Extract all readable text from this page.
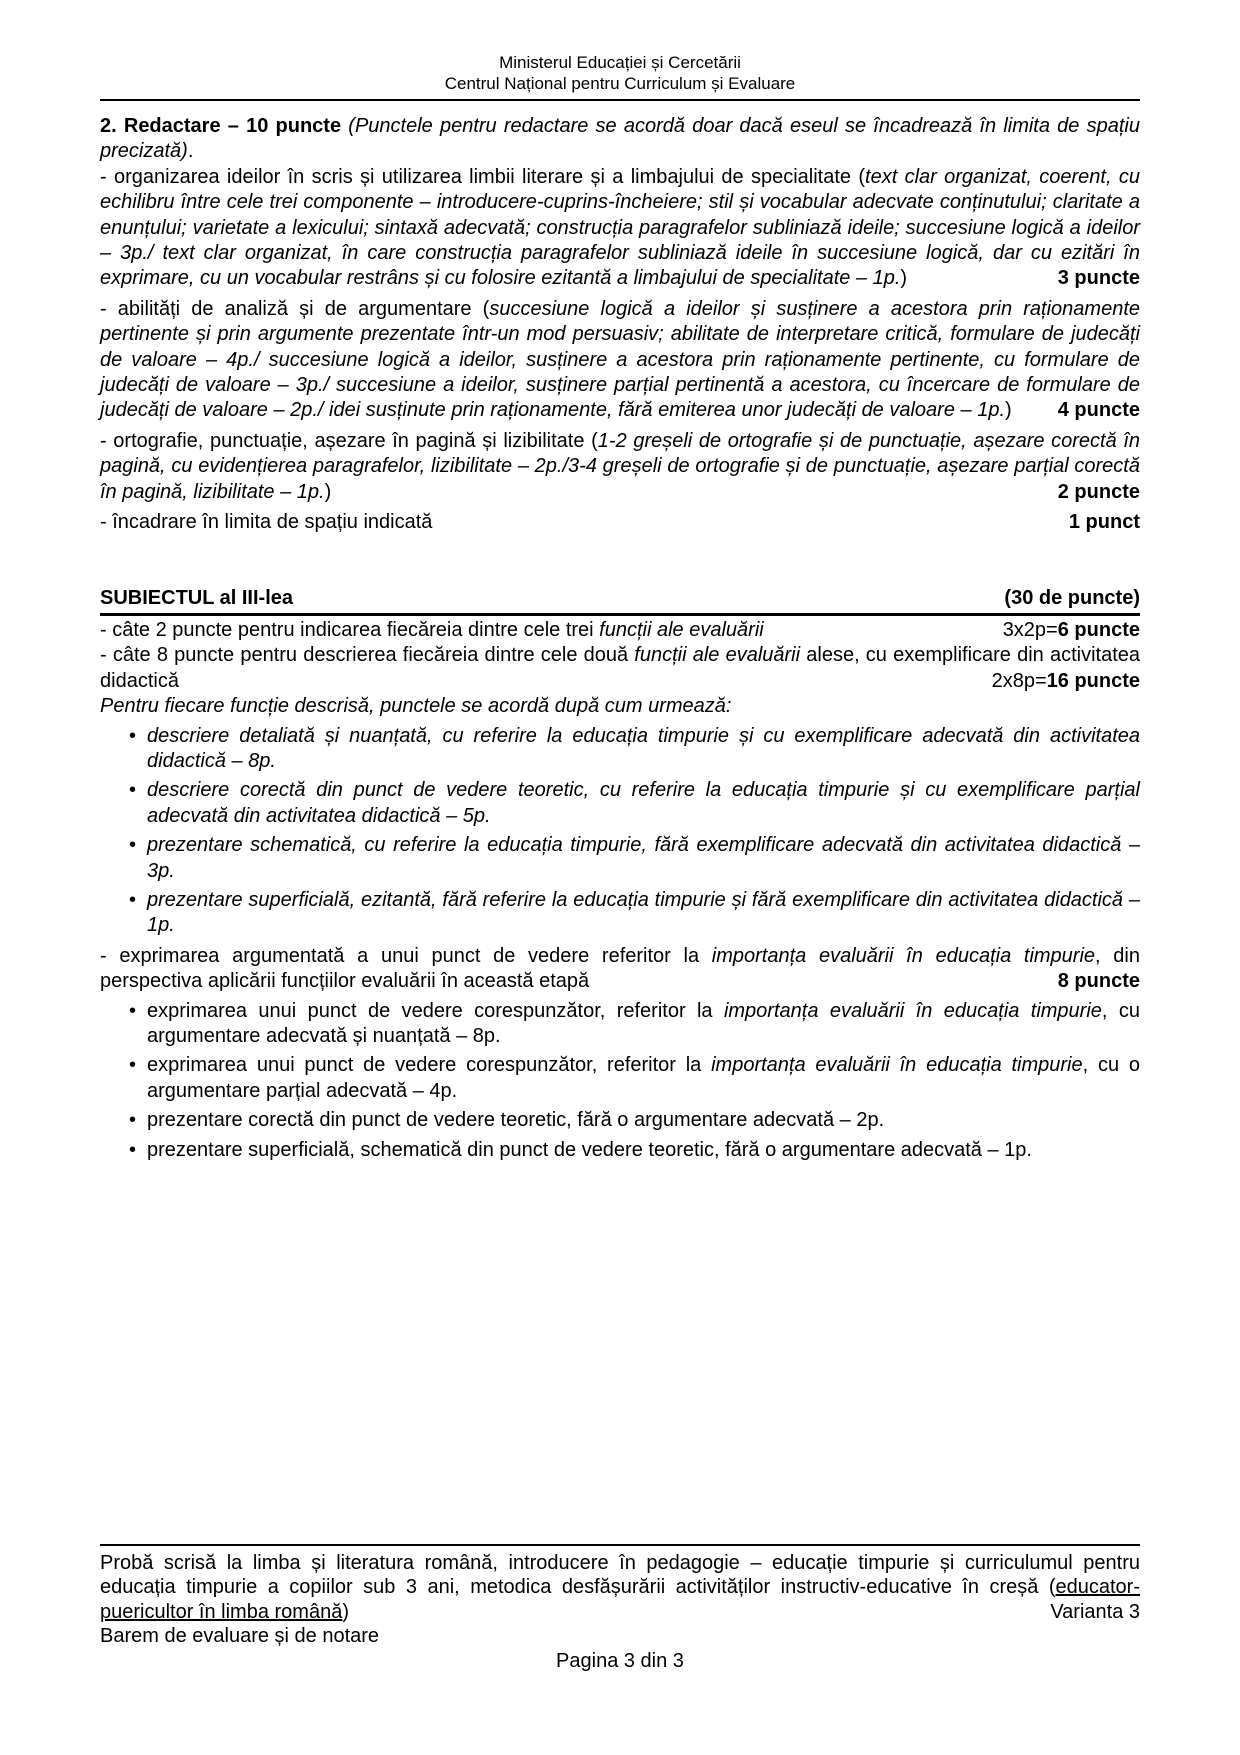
Ministerul Educației și Cercetării
Centrul Național pentru Curriculum și Evaluare

2. Redactare – 10 puncte (Punctele pentru redactare se acordă doar dacă eseul se încadrează în limita de spațiu precizată).

- organizarea ideilor în scris și utilizarea limbii literare și a limbajului de specialitate (text clar organizat, coerent, cu echilibru între cele trei componente – introducere-cuprins-încheiere; stil și vocabular adecvate conținutului; claritate a enunțului; varietate a lexicului; sintaxă adecvată; construcția paragrafelor subliniază ideile; succesiune logică a ideilor – 3p./ text clar organizat, în care construcția paragrafelor subliniază ideile în succesiune logică, dar cu ezitări în exprimare, cu un vocabular restrâns și cu folosire ezitantă a limbajului de specialitate – 1p.)	3 puncte
- abilități de analiză și de argumentare (succesiune logică a ideilor și susținere a acestora prin raționamente pertinente și prin argumente prezentate într-un mod persuasiv; abilitate de interpretare critică, formulare de judecăți de valoare – 4p./ succesiune logică a ideilor, susținere a acestora prin raționamente pertinente, cu formulare de judecăți de valoare – 3p./ succesiune a ideilor, susținere parțial pertinentă a acestora, cu încercare de formulare de judecăți de valoare – 2p./ idei susținute prin raționamente, fără emiterea unor judecăți de valoare – 1p.) 4 puncte
- ortografie, punctuație, așezare în pagină și lizibilitate (1-2 greșeli de ortografie și de punctuație, așezare corectă în pagină, cu evidențierea paragrafelor, lizibilitate – 2p./3-4 greșeli de ortografie și de punctuație, așezare parțial corectă în pagină, lizibilitate – 1p.)	2 puncte
- încadrare în limita de spațiu indicată	1 punct
SUBIECTUL al III-lea	(30 de puncte)
- câte 2 puncte pentru indicarea fiecăreia dintre cele trei funcții ale evaluării	3x2p=6 puncte
- câte 8 puncte pentru descrierea fiecăreia dintre cele două funcții ale evaluării alese, cu exemplificare din activitatea didactică	2x8p=16 puncte

Pentru fiecare funcție descrisă, punctele se acordă după cum urmează:

• descriere detaliată și nuanțată, cu referire la educația timpurie și cu exemplificare adecvată din activitatea didactică – 8p.
• descriere corectă din punct de vedere teoretic, cu referire la educația timpurie și cu exemplificare parțial adecvată din activitatea didactică – 5p.
• prezentare schematică, cu referire la educația timpurie, fără exemplificare adecvată din activitatea didactică – 3p.
• prezentare superficială, ezitantă, fără referire la educația timpurie și fără exemplificare din activitatea didactică – 1p.
- exprimarea argumentată a unui punct de vedere referitor la importanța evaluării în educația timpurie, din perspectiva aplicării funcțiilor evaluării în această etapă	8 puncte
• exprimarea unui punct de vedere corespunzător, referitor la importanța evaluării în educația timpurie, cu argumentare adecvată și nuanțată – 8p.
• exprimarea unui punct de vedere corespunzător, referitor la importanța evaluării în educația timpurie, cu o argumentare parțial adecvată – 4p.
• prezentare corectă din punct de vedere teoretic, fără o argumentare adecvată – 2p.
• prezentare superficială, schematică din punct de vedere teoretic, fără o argumentare adecvată – 1p.
Probă scrisă la limba și literatura română, introducere în pedagogie – educație timpurie și curriculumul pentru educația timpurie a copiilor sub 3 ani, metodica desfășurării activităților instructiv-educative în creșă (educator-puericultor în limba română)	Varianta 3
Barem de evaluare și de notare
Pagina 3 din 3
